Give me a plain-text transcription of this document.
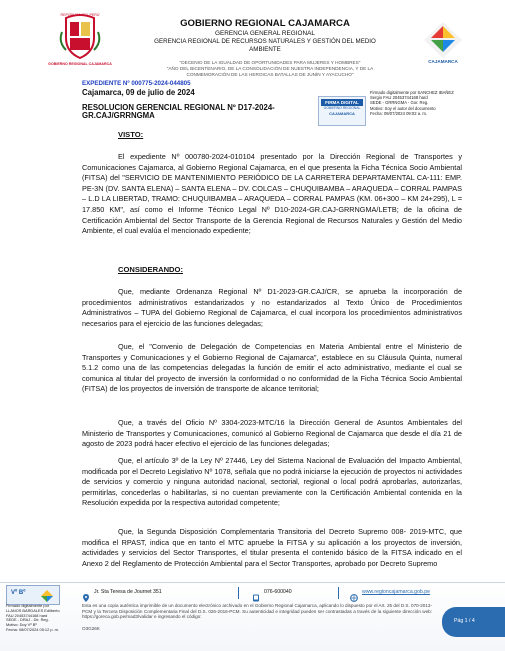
REPÚBLICA DEL PERÚ
GOBIERNO REGIONAL CAJAMARCA
GOBIERNO REGIONAL CAJAMARCA
GERENCIA GENERAL REGIONAL
GERENCIA REGIONAL DE RECURSOS NATURALES Y GESTIÓN DEL MEDIO
AMBIENTE
CAJAMARCA
"DECENIO DE LA IGUALDAD DE OPORTUNIDADES PARA MUJERES Y HOMBRES"
"AÑO DEL BICENTENARIO, DE LA CONSOLIDACIÓN DE NUESTRA INDEPENDENCIA, Y DE LA
CONMEMORACIÓN DE LAS HEROICAS BATALLAS DE JUNÍN Y AYACUCHO"
EXPEDIENTE Nº 000775-2024-044805
Cajamarca, 09 de julio de 2024
RESOLUCION GERENCIAL REGIONAL Nº D17-2024-
GR.CAJ/GRRNGMA
FIRMA DIGITAL
GOBIERNO REGIONAL
CAJAMARCA
Firmado digitalmente por SANCHEZ IBAÑEZ
Sergio FAU 20453744168 hard
SEDE - GRRNGMA - Gor. Reg.
Motivo: Soy el autor del documento
Fecha: 09/07/2024 09:02 a. m.
VISTO:

El expediente Nº 000780-2024-010104 presentado por la Dirección Regional de Transportes y Comunicaciones Cajamarca, al Gobierno Regional Cajamarca, en el que presenta la Ficha Técnica Socio Ambiental (FITSA) del "SERVICIO DE MANTENIMIENTO PERIÓDICO DE LA CARRETERA DEPARTAMENTAL CA-111: EMP. PE-3N (DV. SANTA ELENA) – SANTA ELENA – DV. COLCAS – CHUQUIBAMBA – ARAQUEDA – CORRAL PAMPAS – L.D LA LIBERTAD, TRAMO: CHUQUIBAMBA – ARAQUEDA – CORRAL PAMPAS (KM. 06+300 – KM 24+295), L = 17.850 KM", así como el Informe Técnico Legal Nº D10-2024-GR.CAJ-GRRNGMA/LETB; de la oficina de Certificación Ambiental del Sector Transporte de la Gerencia Regional de Recursos Naturales y Gestión del Medio Ambiente, el cual evalúa el mencionado expediente;

CONSIDERANDO:

Que, mediante Ordenanza Regional Nº D1-2023-GR.CAJ/CR, se aprueba la incorporación de procedimientos administrativos estandarizados y no estandarizados al Texto Único de Procedimientos Administrativos – TUPA del Gobierno Regional de Cajamarca, el cual incorpora los procedimientos administrativos necesarios para el ejercicio de las funciones delegadas;

Que, el "Convenio de Delegación de Competencias en Materia Ambiental entre el Ministerio de Transportes y Comunicaciones y el Gobierno Regional de Cajamarca", establece en su Cláusula Quinta, numeral 5.1.2 como una de las competencias delegadas la función de emitir el acto administrativo, mediante el cual se comunica al titular del proyecto de inversión la conformidad o no conformidad de la Ficha Técnica Socio Ambiental (FITSA) de los proyectos de inversión de transporte de alcance territorial;

Que, a través del Oficio Nº 3304-2023-MTC/16 la Dirección General de Asuntos Ambientales del Ministerio de Transportes y Comunicaciones, comunicó al Gobierno Regional de Cajamarca que desde el día 21 de agosto de 2023 podrá hacer efectivo el ejercicio de las funciones delegadas;

Que, el artículo 3º de la Ley Nº 27446, Ley del Sistema Nacional de Evaluación del Impacto Ambiental, modificada por el Decreto Legislativo Nº 1078, señala que no podrá iniciarse la ejecución de proyectos ni actividades de servicios y comercio y ninguna autoridad nacional, sectorial, regional o local podrá aprobarlas, autorizarlas, permitirlas, concederlas o habilitarlas, si no cuentan previamente con la Certificación Ambiental contenida en la Resolución expedida por la respectiva autoridad competente;

Que, la Segunda Disposición Complementaria Transitoria del Decreto Supremo 008- 2019-MTC, que modifica el RPAST, indica que en tanto el MTC apruebe la FITSA y su aplicación a los proyectos de inversión, actividades y servicios del Sector Transportes, el titular presenta el contenido básico de la FITSA indicado en el Anexo 2 del Reglamento de Protección Ambiental para el Sector Transportes, aprobado por Decreto Supremo

Vº Bº
Firmado digitalmente por
LLANOS BARDALES Edilberto
FAU 20453744168 hard
SEDE - DRAJ - Dir. Reg.
Motivo: Doy Vº Bº
Fecha: 08/07/2024 05:12 p. m.
Jr. Sta Teresa de Journet 351	076-600040	www.regioncajamarca.gob.pe
Esta es una copia auténtica imprimible de un documento electrónico archivado en el Gobierno Regional Cajamarca, aplicando lo dispuesto por el Art. 25 del D.S. 070-2013-PCM y la Tercera Disposición Complementaria Final del D.S. 026-2016-PCM. Su autenticidad e integridad pueden ser contrastadas a través de la siguiente dirección web: https://goreca.gob.pe/mad3/validar e ingresando el código:
O3G26K
Pág 1 / 4
